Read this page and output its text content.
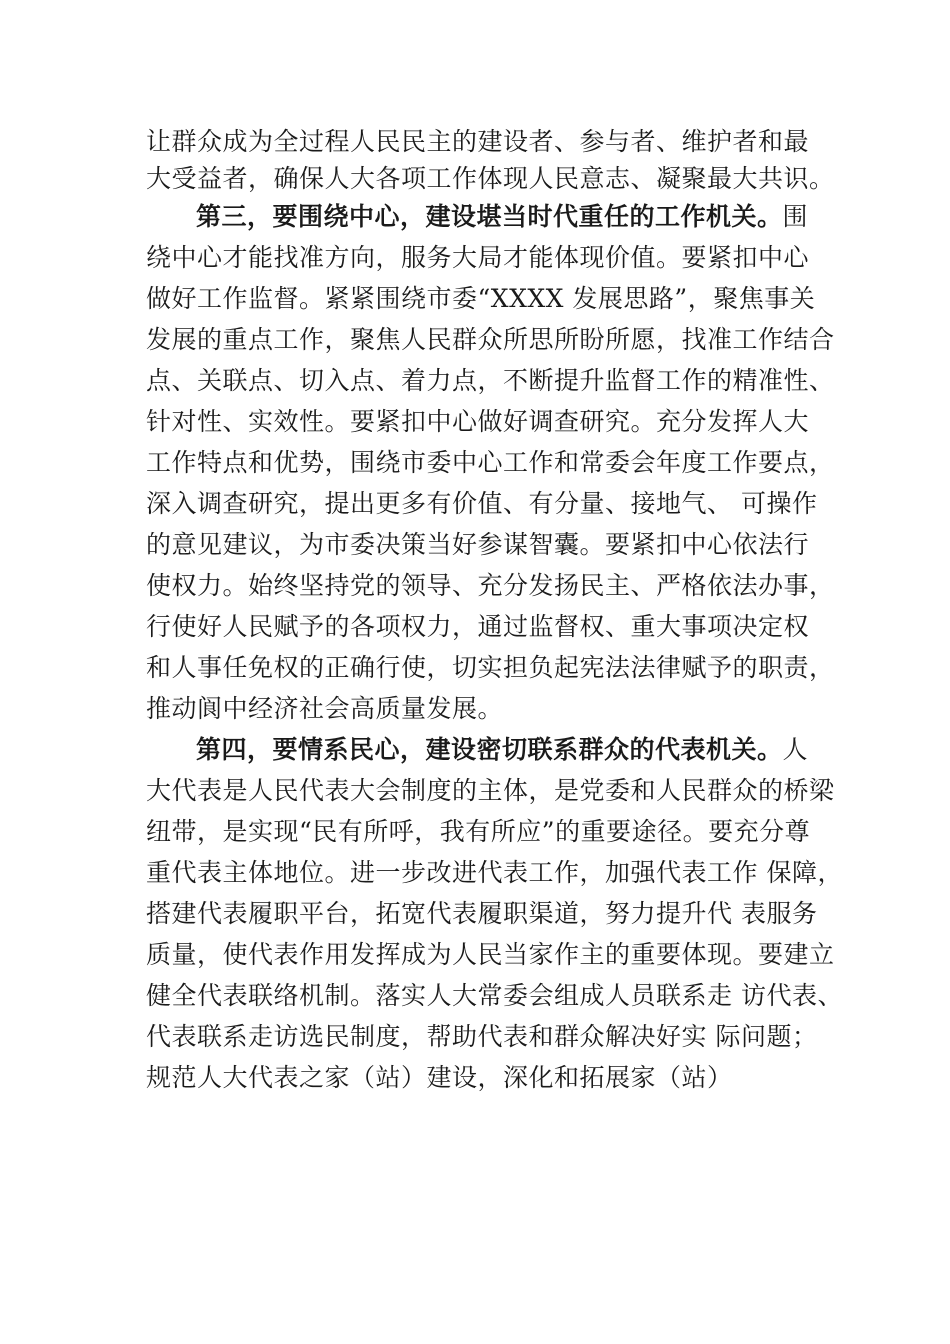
让群众成为全过程人民民主的建设者、参与者、维护者和最
大受益者，确保人大各项工作体现人民意志、凝聚最大共识。
第三，要围绕中心，建设堪当时代重任的工作机关。围
绕中心才能找准方向，服务大局才能体现价值。要紧扣中心
做好工作监督。紧紧围绕市委“XXXX 发展思路”，聚焦事关
发展的重点工作，聚焦人民群众所思所盼所愿，找准工作结合
点、关联点、切入点、着力点，不断提升监督工作的精准性、
针对性、实效性。要紧扣中心做好调查研究。充分发挥人大
工作特点和优势，围绕市委中心工作和常委会年度工作要点，
深入调查研究，提出更多有价值、有分量、接地气、 可操作
的意见建议，为市委决策当好参谋智囊。要紧扣中心依法行
使权力。始终坚持党的领导、充分发扬民主、严格依法办事，
行使好人民赋予的各项权力，通过监督权、重大事项决定权
和人事任免权的正确行使，切实担负起宪法法律赋予的职责，
推动阆中经济社会高质量发展。
第四，要情系民心，建设密切联系群众的代表机关。人
大代表是人民代表大会制度的主体，是党委和人民群众的桥梁
纽带，是实现“民有所呼，我有所应”的重要途径。要充分尊
重代表主体地位。进一步改进代表工作，加强代表工作 保障，
搭建代表履职平台，拓宽代表履职渠道，努力提升代 表服务
质量，使代表作用发挥成为人民当家作主的重要体现。要建立
健全代表联络机制。落实人大常委会组成人员联系走 访代表、
代表联系走访选民制度，帮助代表和群众解决好实 际问题；
规范人大代表之家（站）建设，深化和拓展家（站）
